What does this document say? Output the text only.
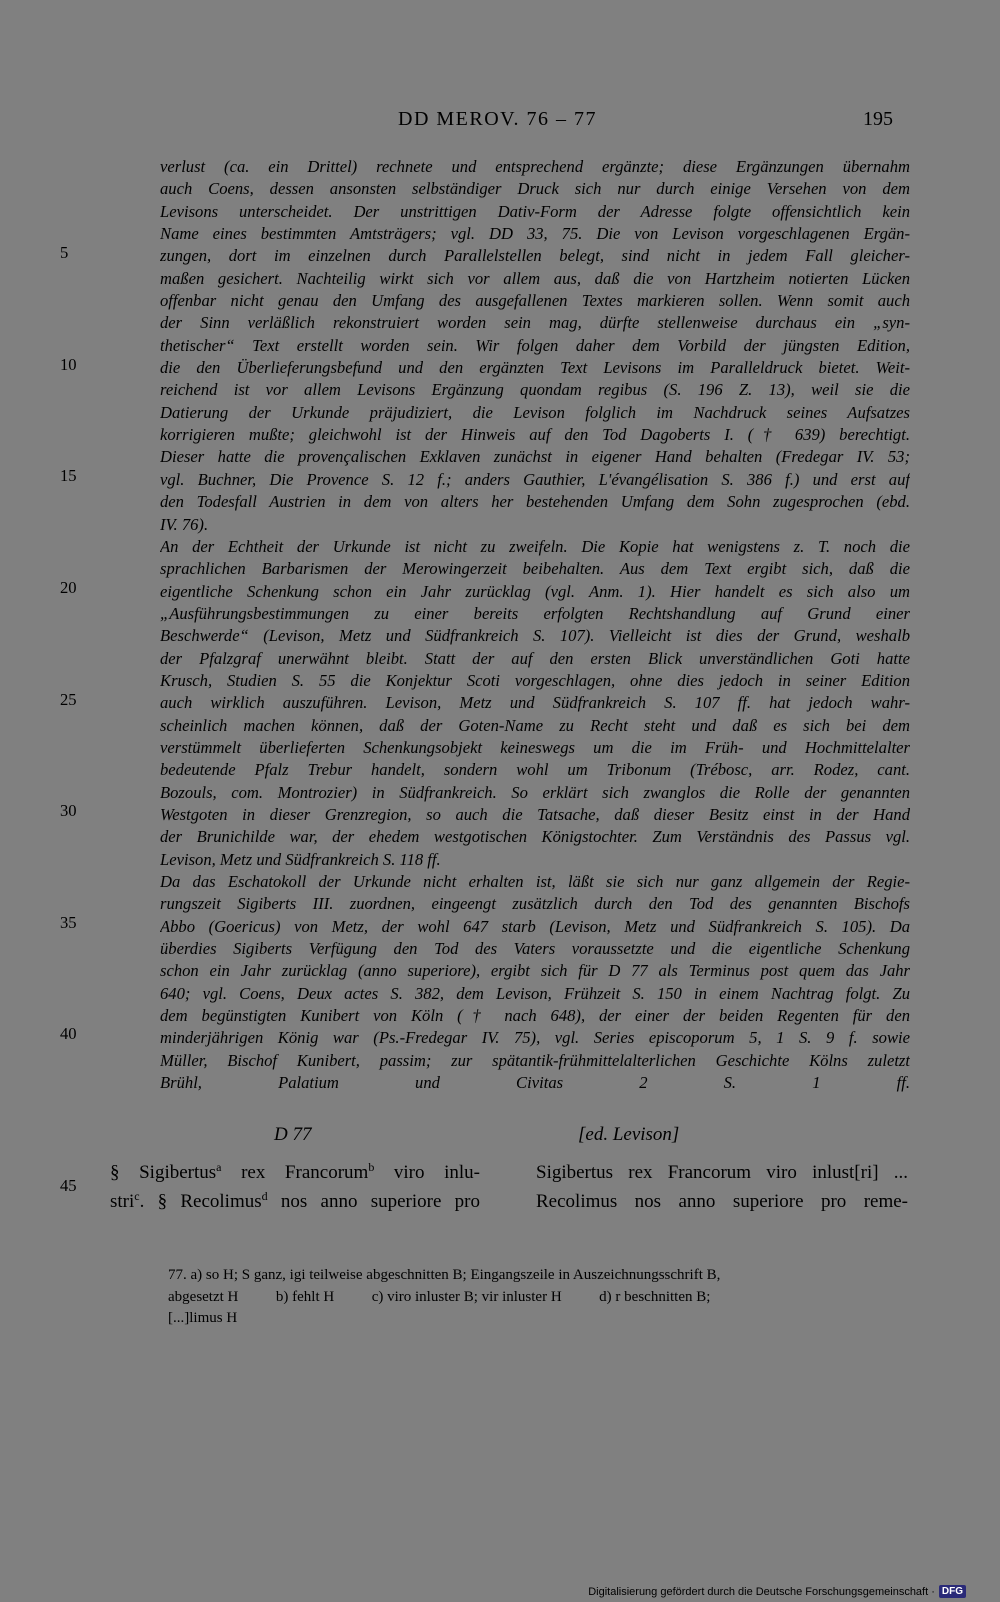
DD MEROV. 76 – 77	195
verlust (ca. ein Drittel) rechnete und entsprechend ergänzte; diese Ergänzungen übernahm
auch Coens, dessen ansonsten selbständiger Druck sich nur durch einige Versehen von dem
Levisons unterscheidet. Der unstrittigen Dativ-Form der Adresse folgte offensichtlich kein
Name eines bestimmten Amtsträgers; vgl. DD 33, 75. Die von Levison vorgeschlagenen Ergän-
zungen, dort im einzelnen durch Parallelstellen belegt, sind nicht in jedem Fall gleicher-
maßen gesichert. Nachteilig wirkt sich vor allem aus, daß die von Hartzheim notierten Lücken
offenbar nicht genau den Umfang des ausgefallenen Textes markieren sollen. Wenn somit auch
der Sinn verläßlich rekonstruiert worden sein mag, dürfte stellenweise durchaus ein „syn-
thetischer“ Text erstellt worden sein. Wir folgen daher dem Vorbild der jüngsten Edition,
die den Überlieferungsbefund und den ergänzten Text Levisons im Paralleldruck bietet. Weit-
reichend ist vor allem Levisons Ergänzung quondam regibus (S. 196 Z. 13), weil sie die
Datierung der Urkunde präjudiziert, die Levison folglich im Nachdruck seines Aufsatzes
korrigieren mußte; gleichwohl ist der Hinweis auf den Tod Dagoberts I. († 639) berechtigt.
Dieser hatte die provençalischen Exklaven zunächst in eigener Hand behalten (Fredegar IV. 53;
vgl. Buchner, Die Provence S. 12 f.; anders Gauthier, L'évangélisation S. 386 f.) und erst auf
den Todesfall Austrien in dem von alters her bestehenden Umfang dem Sohn zugesprochen (ebd.
IV. 76).
An der Echtheit der Urkunde ist nicht zu zweifeln. Die Kopie hat wenigstens z. T. noch die
sprachlichen Barbarismen der Merowingerzeit beibehalten. Aus dem Text ergibt sich, daß die
eigentliche Schenkung schon ein Jahr zurücklag (vgl. Anm. 1). Hier handelt es sich also um
„Ausführungsbestimmungen zu einer bereits erfolgten Rechtshandlung auf Grund einer
Beschwerde“ (Levison, Metz und Südfrankreich S. 107). Vielleicht ist dies der Grund, weshalb
der Pfalzgraf unerwähnt bleibt. Statt der auf den ersten Blick unverständlichen Goti hatte
Krusch, Studien S. 55 die Konjektur Scoti vorgeschlagen, ohne dies jedoch in seiner Edition
auch wirklich auszuführen. Levison, Metz und Südfrankreich S. 107 ff. hat jedoch wahr-
scheinlich machen können, daß der Goten-Name zu Recht steht und daß es sich bei dem
verstümmelt überlieferten Schenkungsobjekt keineswegs um die im Früh- und Hochmittelalter
bedeutende Pfalz Trebur handelt, sondern wohl um Tribonum (Trébosc, arr. Rodez, cant.
Bozouls, com. Montrozier) in Südfrankreich. So erklärt sich zwanglos die Rolle der genannten
Westgoten in dieser Grenzregion, so auch die Tatsache, daß dieser Besitz einst in der Hand
der Brunichilde war, der ehedem westgotischen Königstochter. Zum Verständnis des Passus vgl.
Levison, Metz und Südfrankreich S. 118 ff.
Da das Eschatokoll der Urkunde nicht erhalten ist, läßt sie sich nur ganz allgemein der Regie-
rungszeit Sigiberts III. zuordnen, eingeengt zusätzlich durch den Tod des genannten Bischofs
Abbo (Goericus) von Metz, der wohl 647 starb (Levison, Metz und Südfrankreich S. 105). Da
überdies Sigiberts Verfügung den Tod des Vaters voraussetzte und die eigentliche Schenkung
schon ein Jahr zurücklag (anno superiore), ergibt sich für D 77 als Terminus post quem das Jahr
640; vgl. Coens, Deux actes S. 382, dem Levison, Frühzeit S. 150 in einem Nachtrag folgt. Zu
dem begünstigten Kunibert von Köln († nach 648), der einer der beiden Regenten für den
minderjährigen König war (Ps.-Fredegar IV. 75), vgl. Series episcoporum 5, 1 S. 9 f. sowie
Müller, Bischof Kunibert, passim; zur spätantik-frühmittelalterlichen Geschichte Kölns zuletzt
Brühl, Palatium und Civitas 2 S. 1 ff.
5
10
15
20
25
30
35
40
45
D 77	[ed. Levison]
§ Sigibertus$^a$ rex Francorum$^b$ viro inlu-
stri$^c$. § Recolimus$^d$ nos anno superiore pro
Sigibertus rex Francorum viro inlust[ri] ...
Recolimus nos anno superiore pro reme-
77. a) so H; S ganz, igi teilweise abgeschnitten B; Eingangszeile in Auszeichnungsschrift B,
abgesetzt H          b) fehlt H          c) viro inluster B; vir inluster H          d) r beschnitten B;
[...]limus H
Digitalisierung gefördert durch die Deutsche Forschungsgemeinschaft · DFG
